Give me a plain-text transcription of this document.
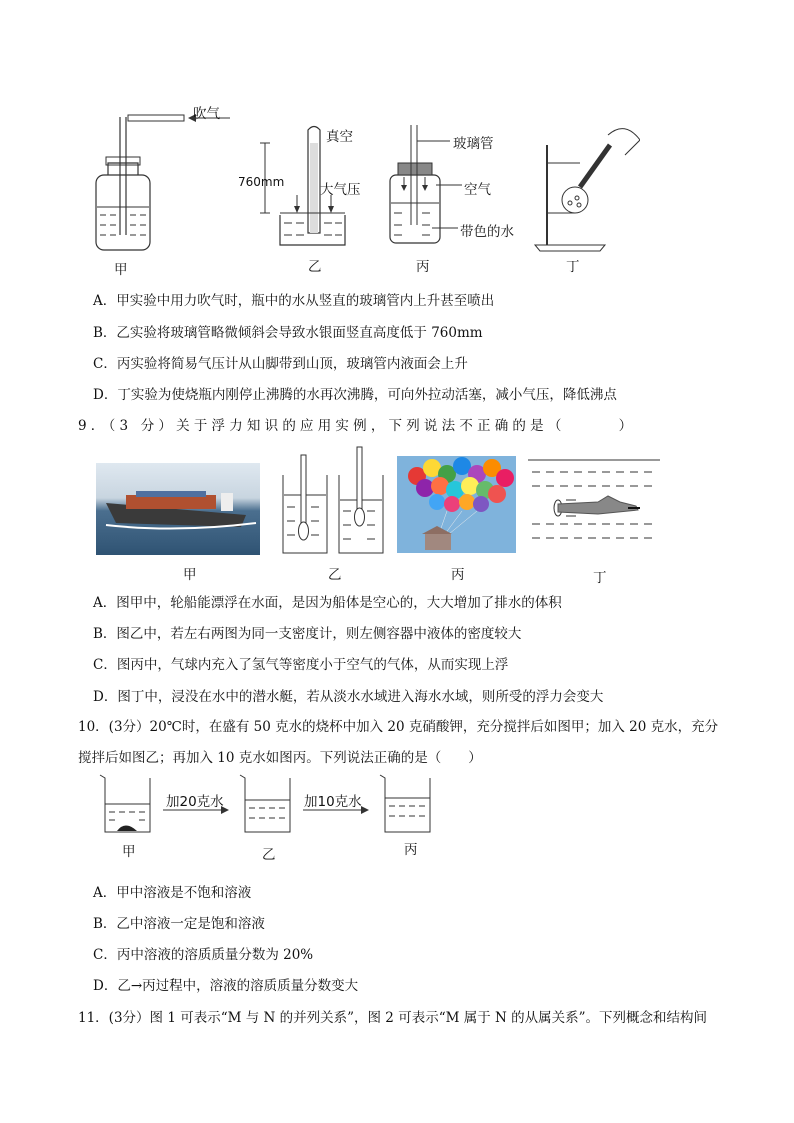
吹气
真空
760mm	大气压
玻璃管
空气
带色的水
甲	乙	丙	丁
A．甲实验中用力吹气时，瓶中的水从竖直的玻璃管内上升甚至喷出
B．乙实验将玻璃管略微倾斜会导致水银面竖直高度低于 760mm
C．丙实验将简易气压计从山脚带到山顶，玻璃管内液面会上升
D．丁实验为使烧瓶内刚停止沸腾的水再次沸腾，可向外拉动活塞，减小气压，降低沸点
9．（3 分）关于浮力知识的应用实例，下列说法不正确的是（　　　）
甲	乙	丙	丁
A．图甲中，轮船能漂浮在水面，是因为船体是空心的，大大增加了排水的体积
B．图乙中，若左右两图为同一支密度计，则左侧容器中液体的密度较大
C．图丙中，气球内充入了氢气等密度小于空气的气体，从而实现上浮
D．图丁中，浸没在水中的潜水艇，若从淡水水域进入海水水域，则所受的浮力会变大
10．(3分）20℃时，在盛有 50 克水的烧杯中加入 20 克硝酸钾，充分搅拌后如图甲；加入 20 克水，充分
搅拌后如图乙；再加入 10 克水如图丙。下列说法正确的是（　　）
加20克水	加10克水
甲	乙	丙
A．甲中溶液是不饱和溶液
B．乙中溶液一定是饱和溶液
C．丙中溶液的溶质质量分数为 20%
D．乙→丙过程中，溶液的溶质质量分数变大
11．(3分）图 1 可表示“M 与 N 的并列关系”，图 2 可表示“M 属于 N 的从属关系”。下列概念和结构间
